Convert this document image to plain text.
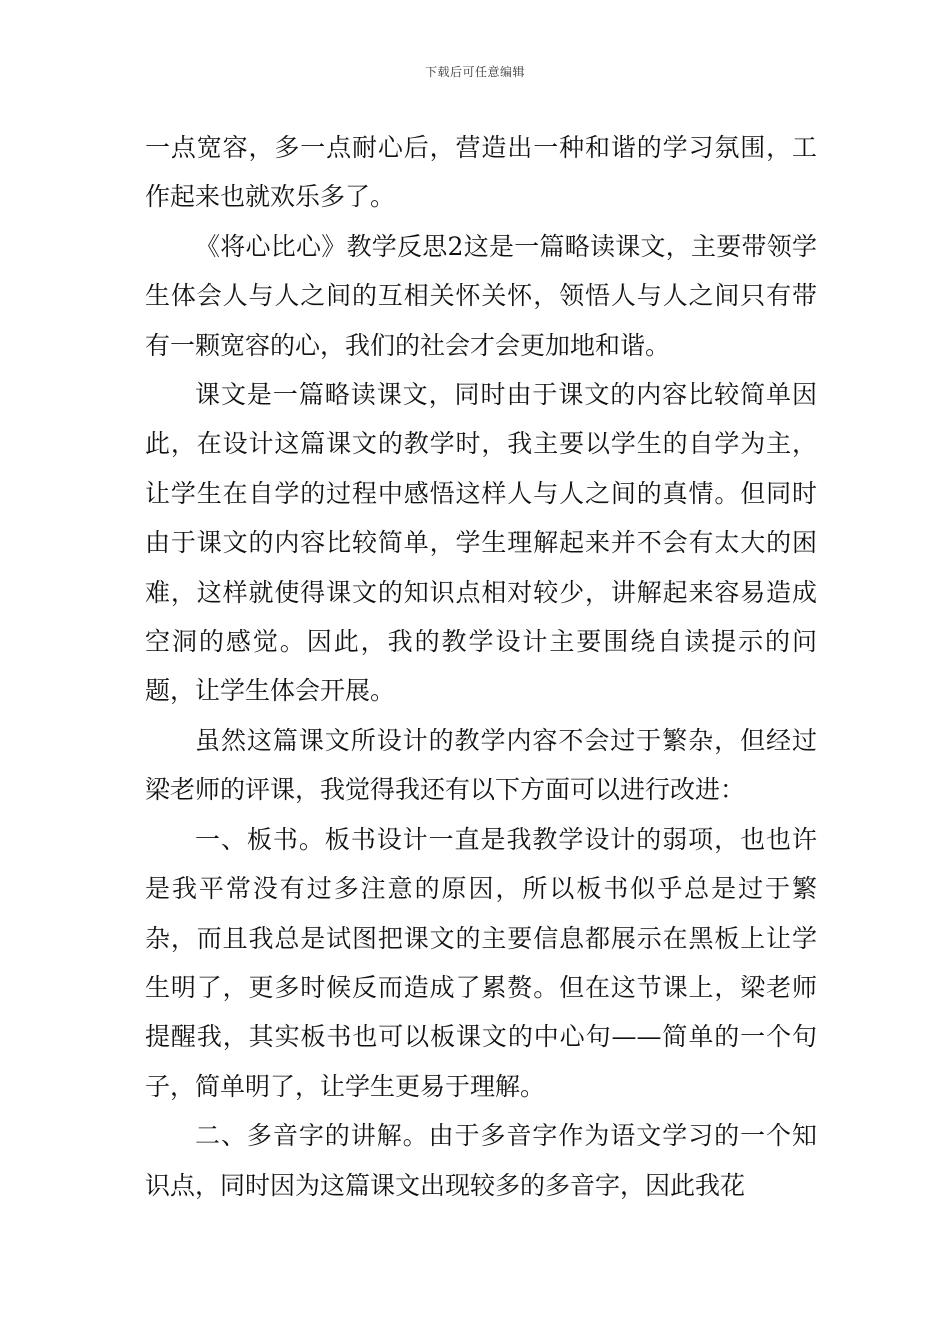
下载后可任意编辑

一点宽容，多一点耐心后，营造出一种和谐的学习氛围，工作起来也就欢乐多了。

《将心比心》教学反思2这是一篇略读课文，主要带领学生体会人与人之间的互相关怀关怀，领悟人与人之间只有带有一颗宽容的心，我们的社会才会更加地和谐。

课文是一篇略读课文，同时由于课文的内容比较简单因此，在设计这篇课文的教学时，我主要以学生的自学为主，让学生在自学的过程中感悟这样人与人之间的真情。但同时由于课文的内容比较简单，学生理解起来并不会有太大的困难，这样就使得课文的知识点相对较少，讲解起来容易造成空洞的感觉。因此，我的教学设计主要围绕自读提示的问题，让学生体会开展。

虽然这篇课文所设计的教学内容不会过于繁杂，但经过梁老师的评课，我觉得我还有以下方面可以进行改进：

一、板书。板书设计一直是我教学设计的弱项，也也许是我平常没有过多注意的原因，所以板书似乎总是过于繁杂，而且我总是试图把课文的主要信息都展示在黑板上让学生明了，更多时候反而造成了累赘。但在这节课上，梁老师提醒我，其实板书也可以板课文的中心句——简单的一个句子，简单明了，让学生更易于理解。

二、多音字的讲解。由于多音字作为语文学习的一个知识点，同时因为这篇课文出现较多的多音字，因此我花
